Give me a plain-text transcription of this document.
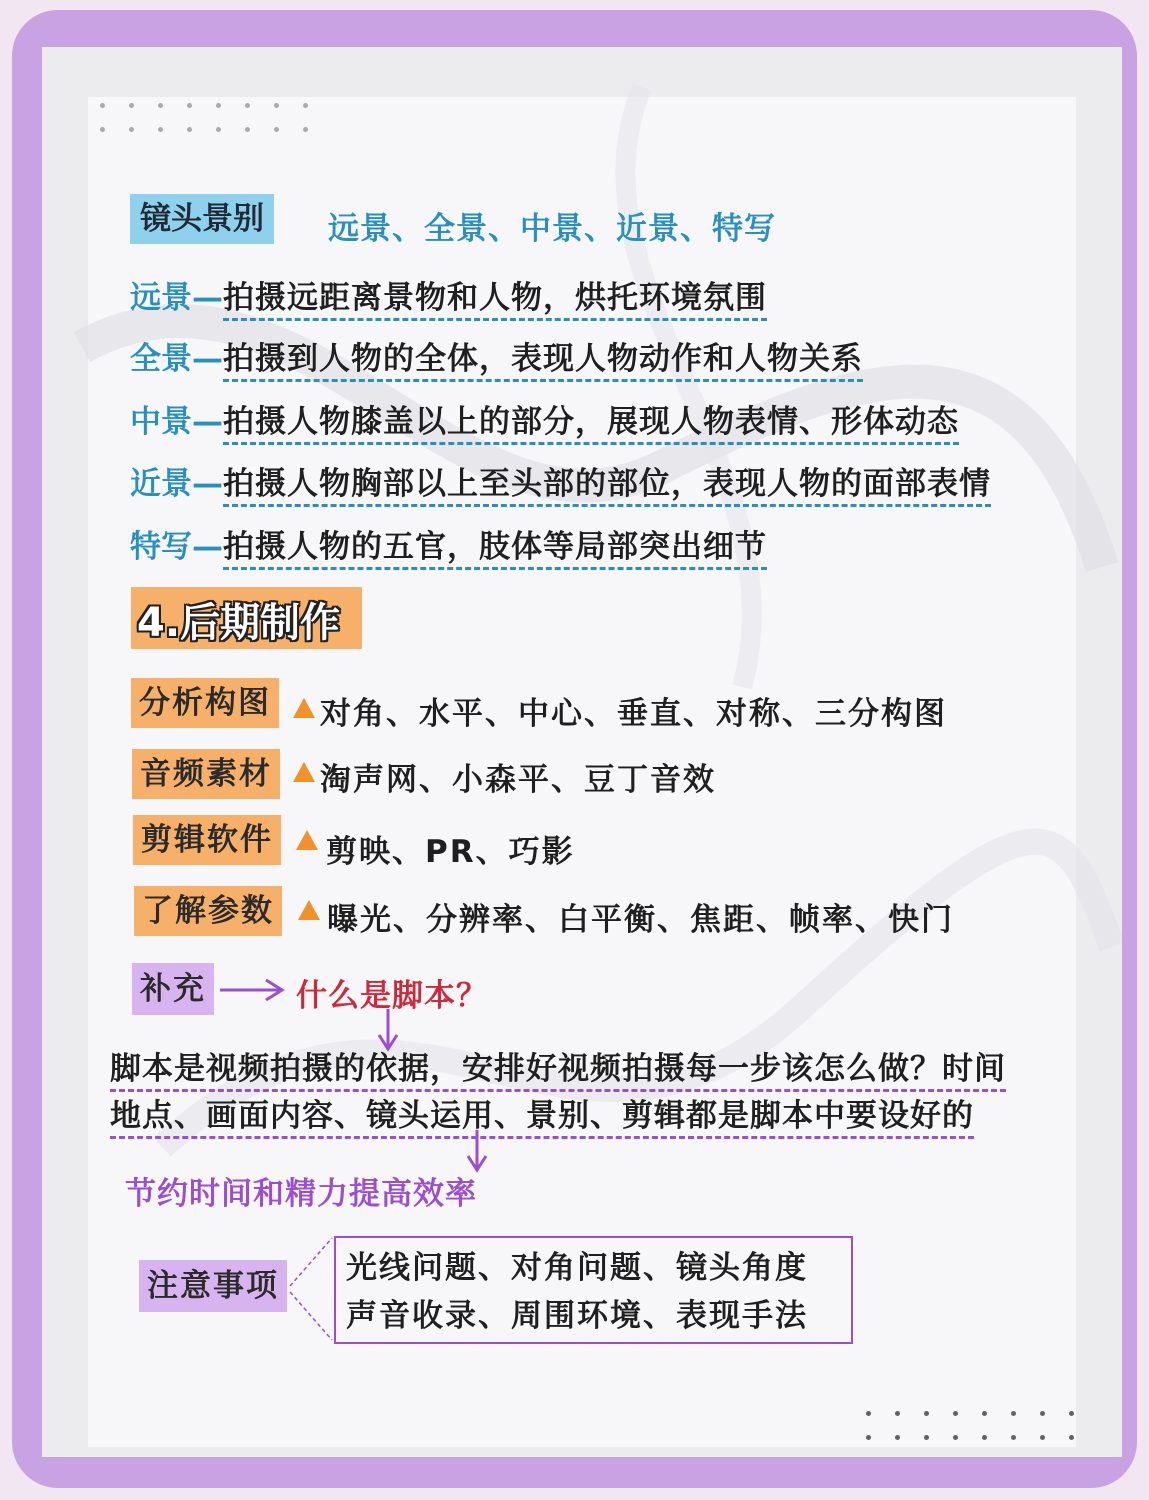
镜头景别	远景、全景、中景、近景、特写
远景—拍摄远距离景物和人物，烘托环境氛围
全景—拍摄到人物的全体，表现人物动作和人物关系
中景—拍摄人物膝盖以上的部分，展现人物表情、形体动态
近景—拍摄人物胸部以上至头部的部位，表现人物的面部表情
特写—拍摄人物的五官，肢体等局部突出细节
4.后期制作
分析构图 对角、水平、中心、垂直、对称、三分构图
音频素材 淘声网、小森平、豆丁音效
剪辑软件 剪映、PR、巧影
了解参数 曝光、分辨率、白平衡、焦距、帧率、快门
补充	什么是脚本？
脚本是视频拍摄的依据，安排好视频拍摄每一步该怎么做？时间
地点、画面内容、镜头运用、景别、剪辑都是脚本中要设好的
节约时间和精力提高效率
注意事项 光线问题、对角问题、镜头角度
声音收录、周围环境、表现手法
